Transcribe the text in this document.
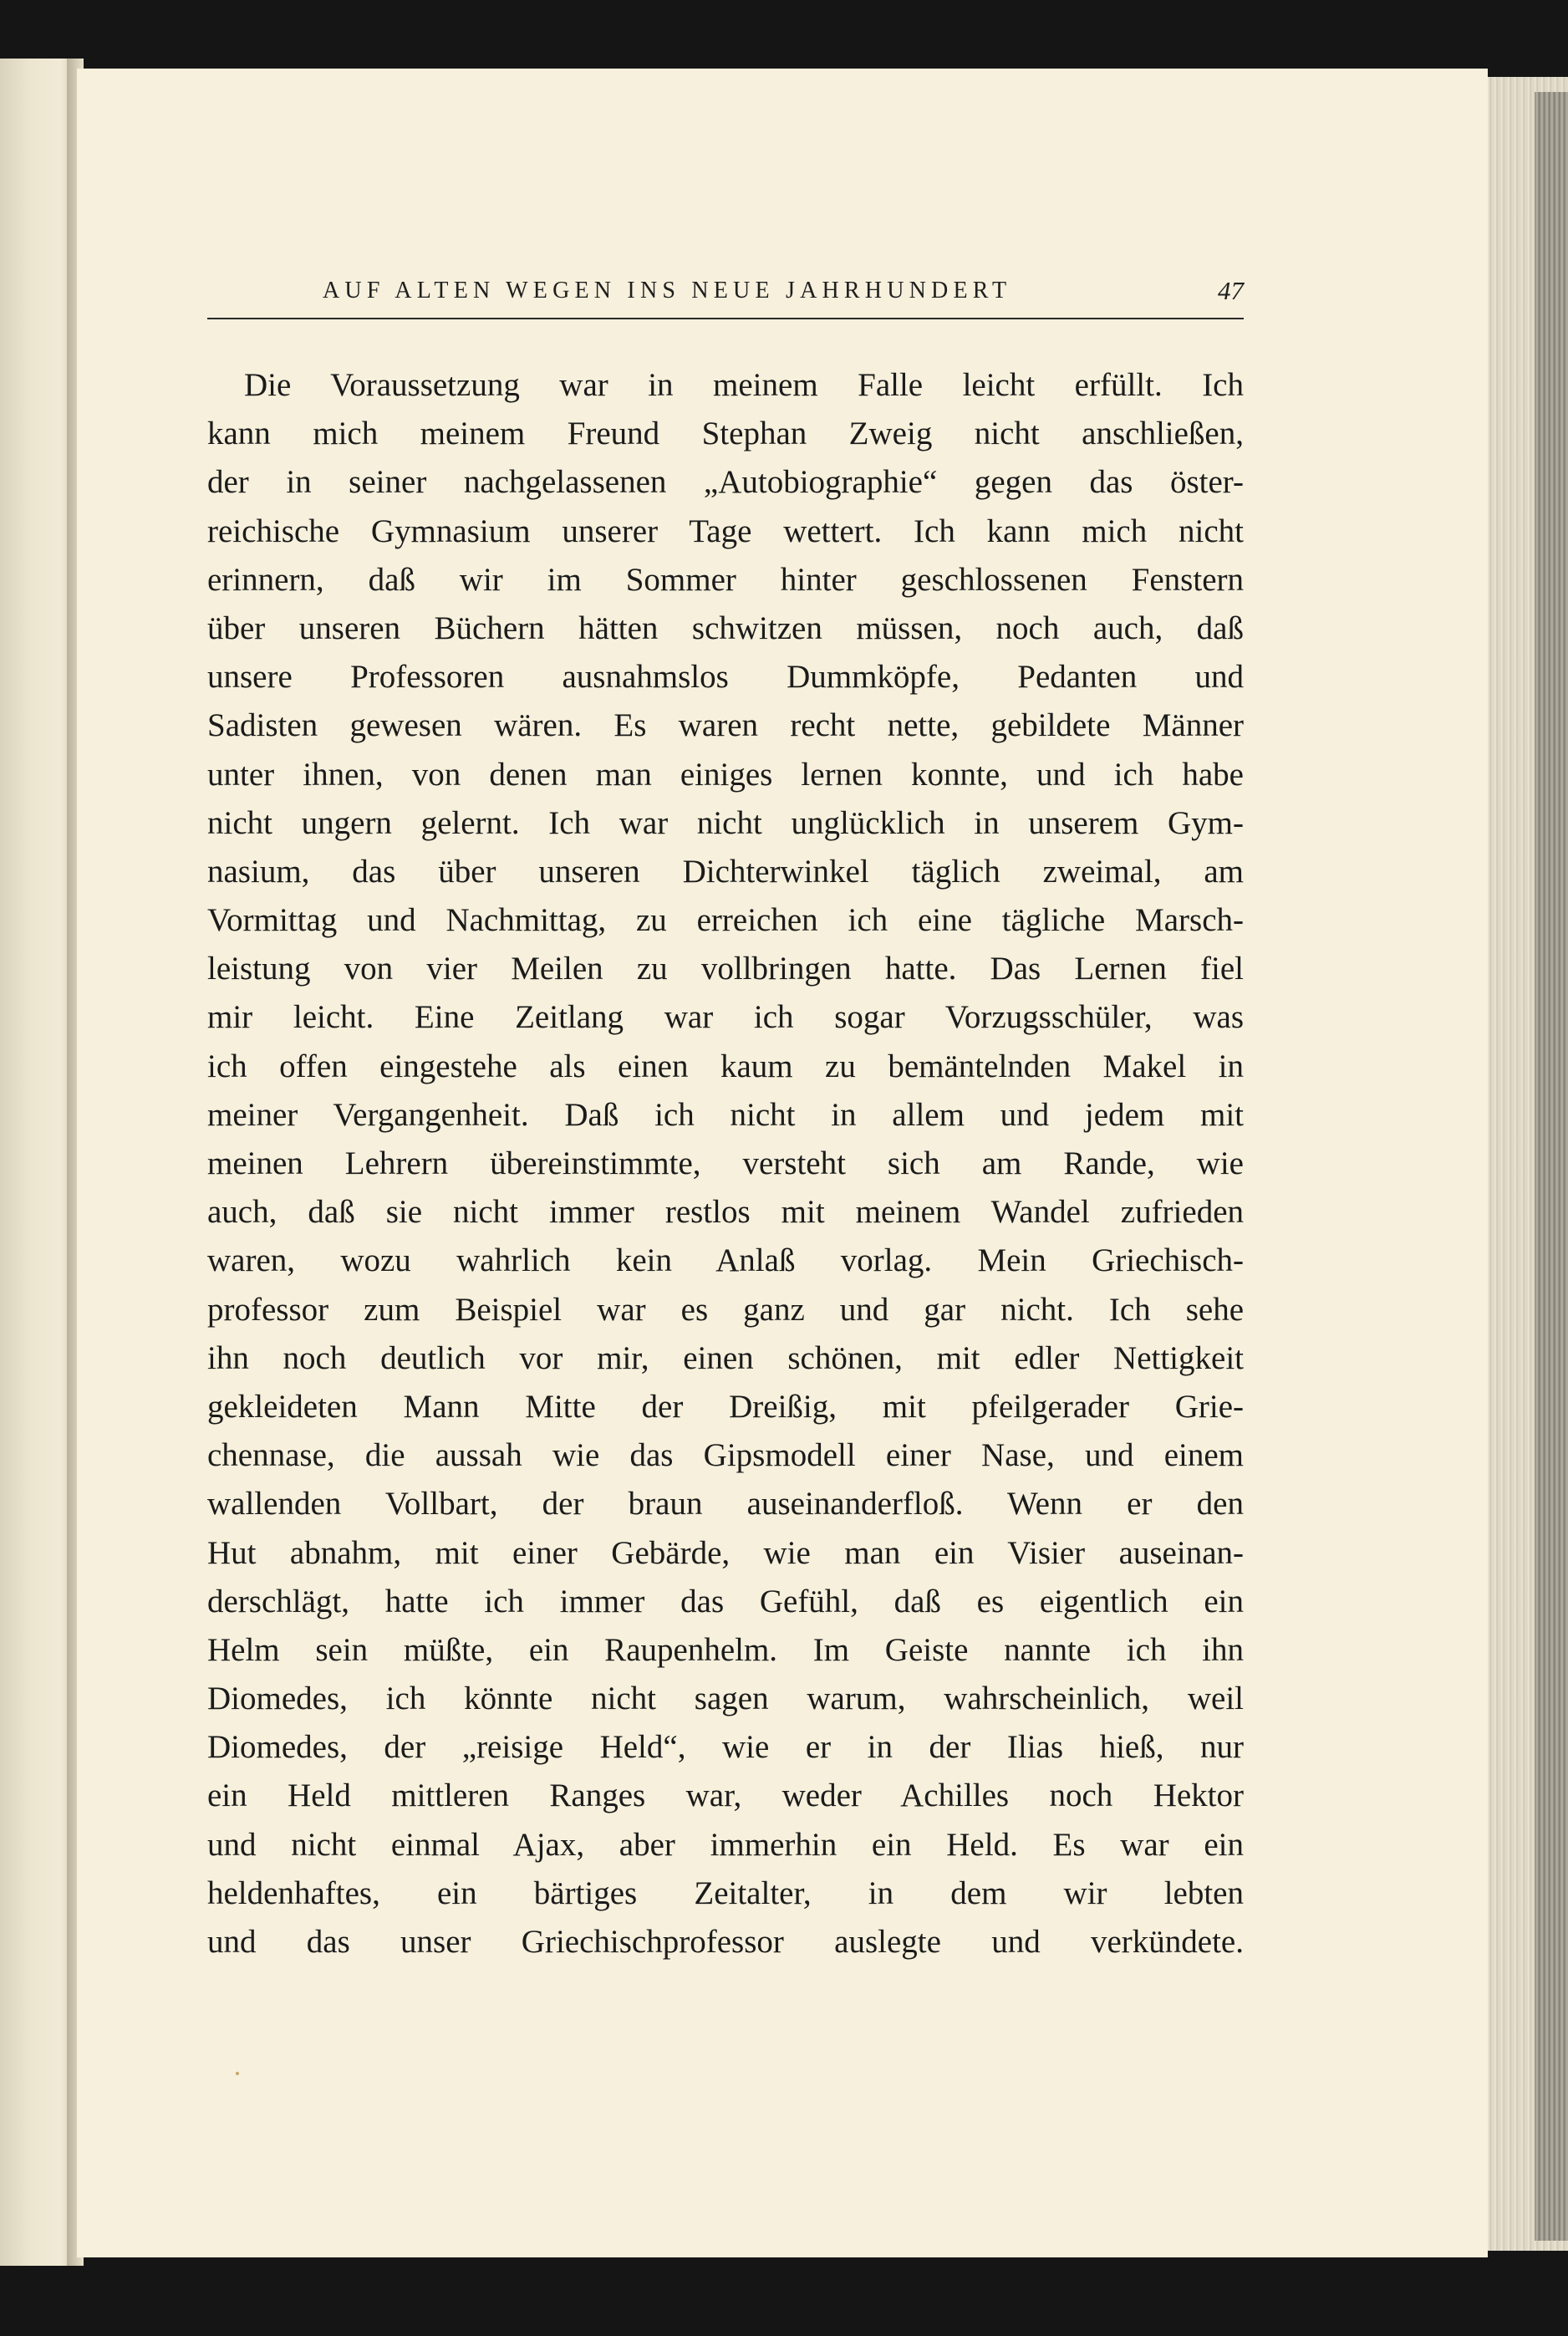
AUF ALTEN WEGEN INS NEUE JAHRHUNDERT	47
Die Voraussetzung war in meinem Falle leicht erfüllt. Ich
kann mich meinem Freund Stephan Zweig nicht anschließen,
der in seiner nachgelassenen „Autobiographie“ gegen das öster-
reichische Gymnasium unserer Tage wettert. Ich kann mich nicht
erinnern, daß wir im Sommer hinter geschlossenen Fenstern
über unseren Büchern hätten schwitzen müssen, noch auch, daß
unsere Professoren ausnahmslos Dummköpfe, Pedanten und
Sadisten gewesen wären. Es waren recht nette, gebildete Männer
unter ihnen, von denen man einiges lernen konnte, und ich habe
nicht ungern gelernt. Ich war nicht unglücklich in unserem Gym-
nasium, das über unseren Dichterwinkel täglich zweimal, am
Vormittag und Nachmittag, zu erreichen ich eine tägliche Marsch-
leistung von vier Meilen zu vollbringen hatte. Das Lernen fiel
mir leicht. Eine Zeitlang war ich sogar Vorzugsschüler, was
ich offen eingestehe als einen kaum zu bemäntelnden Makel in
meiner Vergangenheit. Daß ich nicht in allem und jedem mit
meinen Lehrern übereinstimmte, versteht sich am Rande, wie
auch, daß sie nicht immer restlos mit meinem Wandel zufrieden
waren, wozu wahrlich kein Anlaß vorlag. Mein Griechisch-
professor zum Beispiel war es ganz und gar nicht. Ich sehe
ihn noch deutlich vor mir, einen schönen, mit edler Nettigkeit
gekleideten Mann Mitte der Dreißig, mit pfeilgerader Grie-
chennase, die aussah wie das Gipsmodell einer Nase, und einem
wallenden Vollbart, der braun auseinanderfloß. Wenn er den
Hut abnahm, mit einer Gebärde, wie man ein Visier auseinan-
derschlägt, hatte ich immer das Gefühl, daß es eigentlich ein
Helm sein müßte, ein Raupenhelm. Im Geiste nannte ich ihn
Diomedes, ich könnte nicht sagen warum, wahrscheinlich, weil
Diomedes, der „reisige Held“, wie er in der Ilias hieß, nur
ein Held mittleren Ranges war, weder Achilles noch Hektor
und nicht einmal Ajax, aber immerhin ein Held. Es war ein
heldenhaftes, ein bärtiges Zeitalter, in dem wir lebten
und das unser Griechischprofessor auslegte und verkündete.
